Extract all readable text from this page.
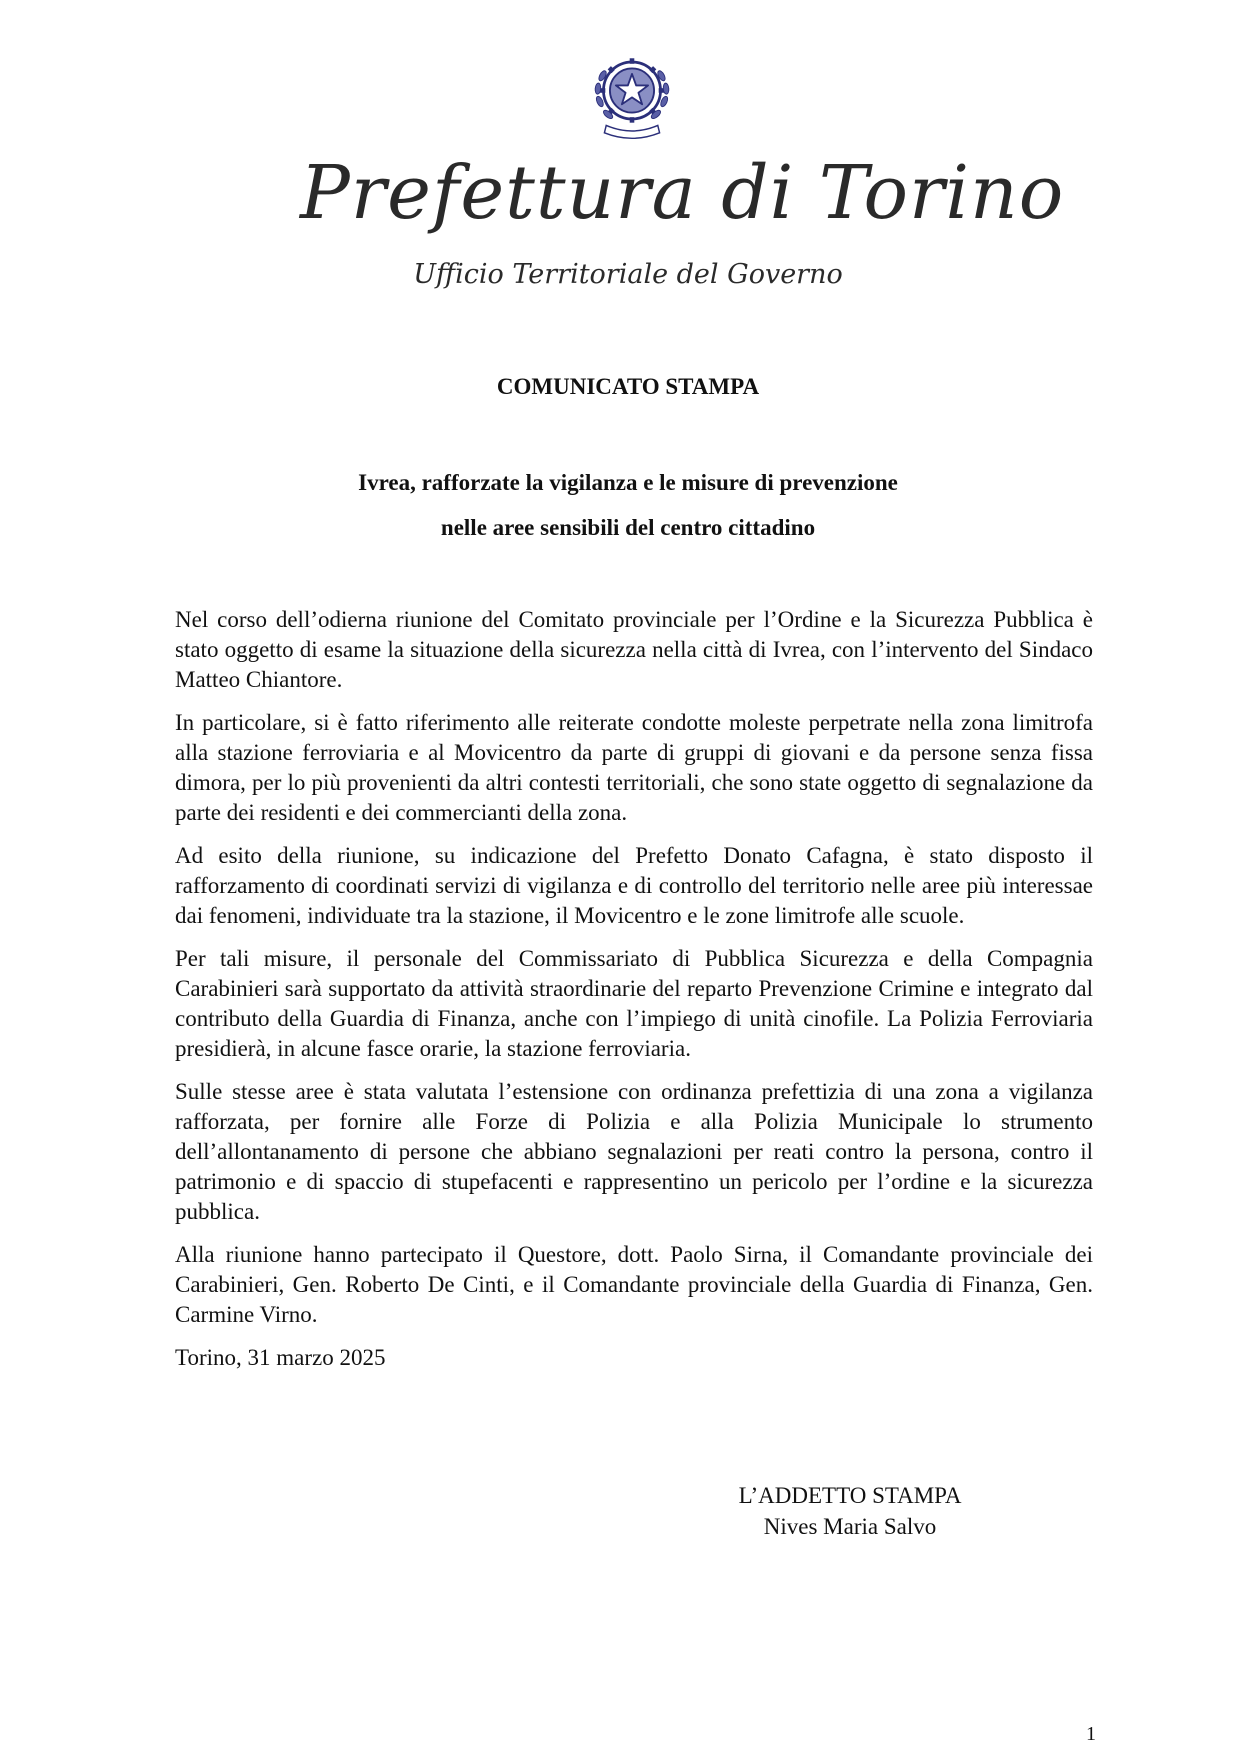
Prefettura di Torino
Ufficio Territoriale del Governo
COMUNICATO STAMPA
Ivrea, rafforzate la vigilanza e le misure di prevenzione
nelle aree sensibili del centro cittadino

Nel corso dell’odierna riunione del Comitato provinciale per l’Ordine e la Sicurezza Pubblica è stato oggetto di esame la situazione della sicurezza nella città di Ivrea, con l’intervento del Sindaco Matteo Chiantore.

In particolare, si è fatto riferimento alle reiterate condotte moleste perpetrate nella zona limitrofa alla stazione ferroviaria e al Movicentro da parte di gruppi di giovani e da persone senza fissa dimora, per lo più provenienti da altri contesti territoriali, che sono state oggetto di segnalazione da parte dei residenti e dei commercianti della zona.

Ad esito della riunione, su indicazione del Prefetto Donato Cafagna, è stato disposto il rafforzamento di coordinati servizi di vigilanza e di controllo del territorio nelle aree più interessae dai fenomeni, individuate tra la stazione, il Movicentro e le zone limitrofe alle scuole.

Per tali misure, il personale del Commissariato di Pubblica Sicurezza e della Compagnia Carabinieri sarà supportato da attività straordinarie del reparto Prevenzione Crimine e integrato dal contributo della Guardia di Finanza, anche con l’impiego di unità cinofile. La Polizia Ferroviaria presidierà, in alcune fasce orarie, la stazione ferroviaria.

Sulle stesse aree è stata valutata l’estensione con ordinanza prefettizia di una zona a vigilanza rafforzata, per fornire alle Forze di Polizia e alla Polizia Municipale lo strumento dell’allontanamento di persone che abbiano segnalazioni per reati contro la persona, contro il patrimonio e di spaccio di stupefacenti e rappresentino un pericolo per l’ordine e la sicurezza pubblica.

Alla riunione hanno partecipato il Questore, dott. Paolo Sirna, il Comandante provinciale dei Carabinieri, Gen. Roberto De Cinti, e il Comandante provinciale della Guardia di Finanza, Gen. Carmine Virno.

Torino, 31 marzo 2025

L’ADDETTO STAMPA
Nives Maria Salvo
1
